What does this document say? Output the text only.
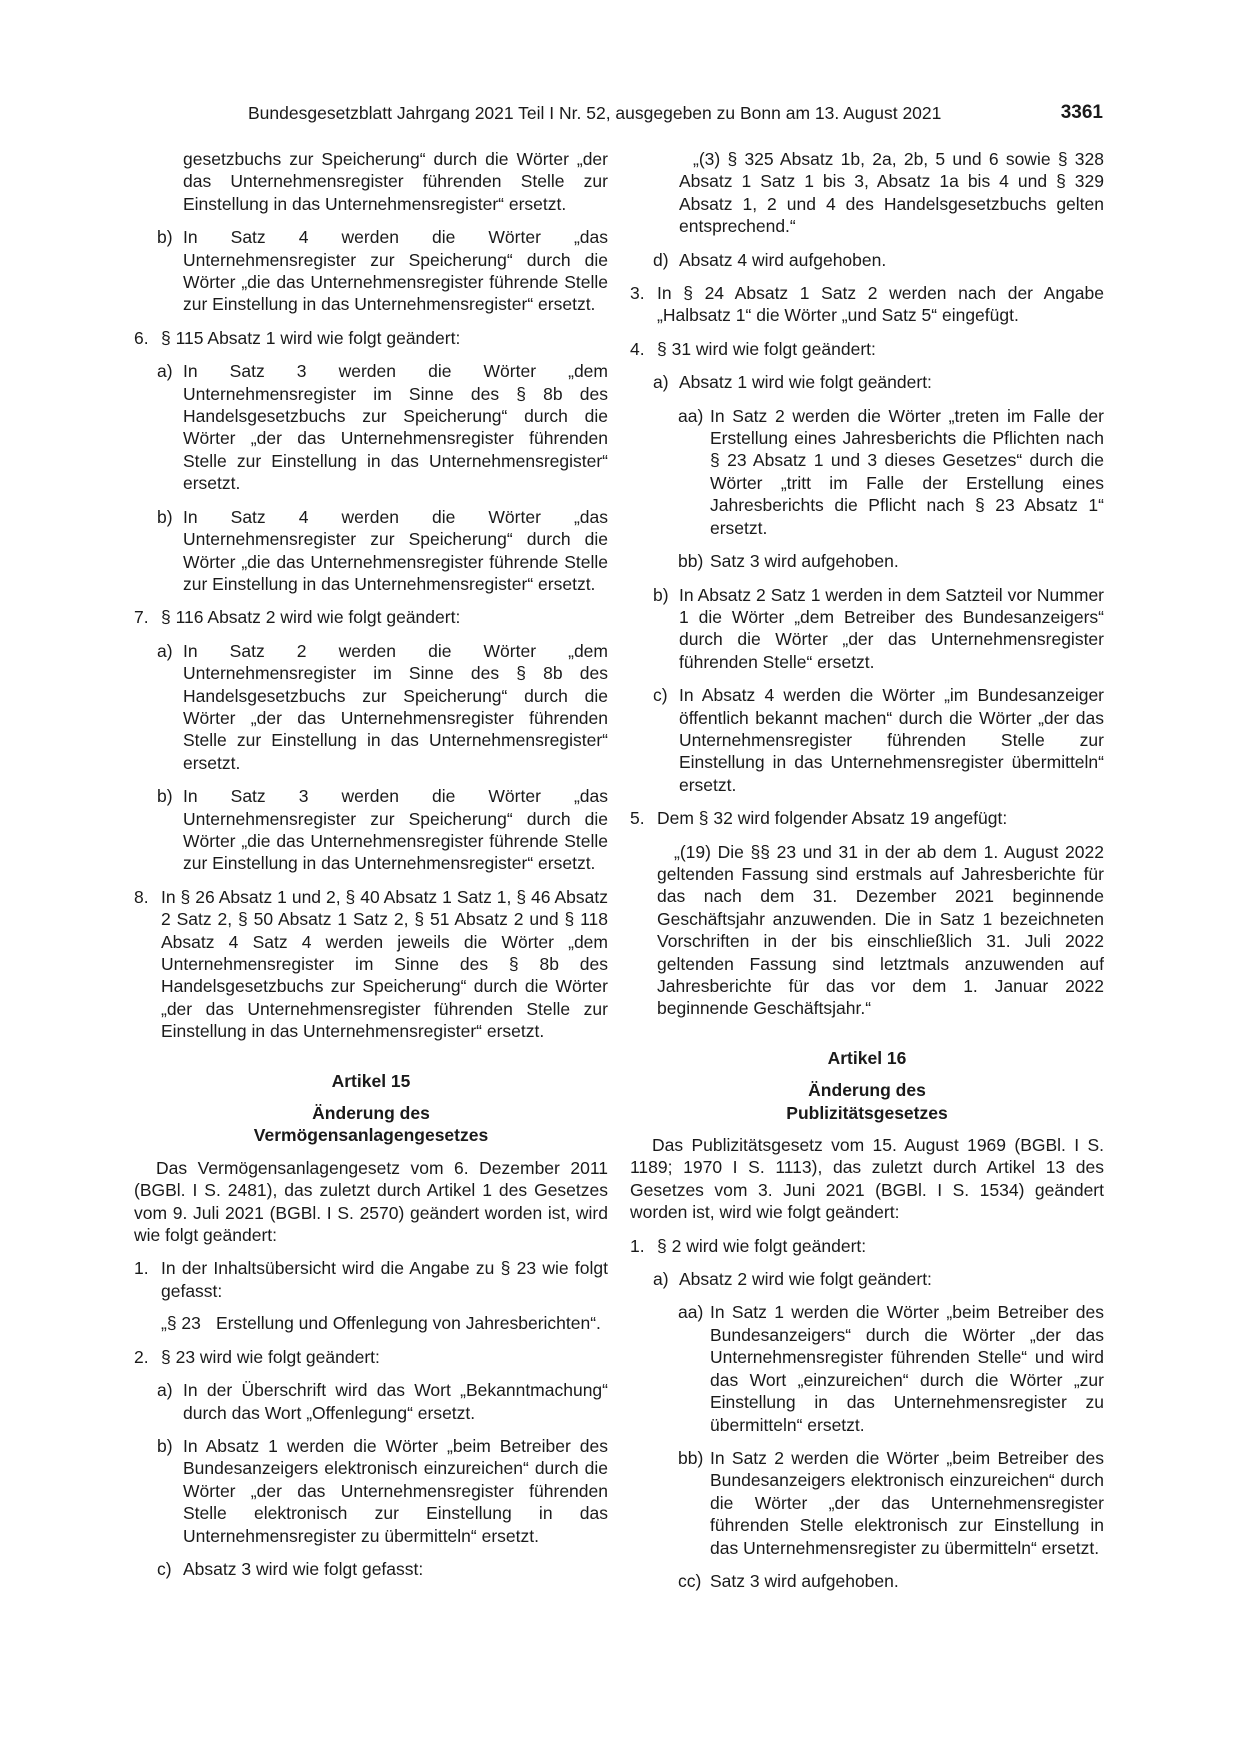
Bundesgesetzblatt Jahrgang 2021 Teil I Nr. 52, ausgegeben zu Bonn am 13. August 2021	3361
gesetzbuchs zur Speicherung“ durch die Wörter „der das Unternehmensregister führenden Stelle zur Einstellung in das Unternehmensregister“ ersetzt.
b) In Satz 4 werden die Wörter „das Unternehmensregister zur Speicherung“ durch die Wörter „die das Unternehmensregister führende Stelle zur Einstellung in das Unternehmensregister“ ersetzt.
6. § 115 Absatz 1 wird wie folgt geändert:
a) In Satz 3 werden die Wörter „dem Unternehmensregister im Sinne des § 8b des Handelsgesetzbuchs zur Speicherung“ durch die Wörter „der das Unternehmensregister führenden Stelle zur Einstellung in das Unternehmensregister“ ersetzt.
b) In Satz 4 werden die Wörter „das Unternehmensregister zur Speicherung“ durch die Wörter „die das Unternehmensregister führende Stelle zur Einstellung in das Unternehmensregister“ ersetzt.
7. § 116 Absatz 2 wird wie folgt geändert:
a) In Satz 2 werden die Wörter „dem Unternehmensregister im Sinne des § 8b des Handelsgesetzbuchs zur Speicherung“ durch die Wörter „der das Unternehmensregister führenden Stelle zur Einstellung in das Unternehmensregister“ ersetzt.
b) In Satz 3 werden die Wörter „das Unternehmensregister zur Speicherung“ durch die Wörter „die das Unternehmensregister führende Stelle zur Einstellung in das Unternehmensregister“ ersetzt.
8. In § 26 Absatz 1 und 2, § 40 Absatz 1 Satz 1, § 46 Absatz 2 Satz 2, § 50 Absatz 1 Satz 2, § 51 Absatz 2 und § 118 Absatz 4 Satz 4 werden jeweils die Wörter „dem Unternehmensregister im Sinne des § 8b des Handelsgesetzbuchs zur Speicherung“ durch die Wörter „der das Unternehmensregister führenden Stelle zur Einstellung in das Unternehmensregister“ ersetzt.
Artikel 15
Änderung des
Vermögensanlagengesetzes
Das Vermögensanlagengesetz vom 6. Dezember 2011 (BGBl. I S. 2481), das zuletzt durch Artikel 1 des Gesetzes vom 9. Juli 2021 (BGBl. I S. 2570) geändert worden ist, wird wie folgt geändert:
1. In der Inhaltsübersicht wird die Angabe zu § 23 wie folgt gefasst:
„§ 23 Erstellung und Offenlegung von Jahresberichten“.
2. § 23 wird wie folgt geändert:
a) In der Überschrift wird das Wort „Bekanntmachung“ durch das Wort „Offenlegung“ ersetzt.
b) In Absatz 1 werden die Wörter „beim Betreiber des Bundesanzeigers elektronisch einzureichen“ durch die Wörter „der das Unternehmensregister führenden Stelle elektronisch zur Einstellung in das Unternehmensregister zu übermitteln“ ersetzt.
c) Absatz 3 wird wie folgt gefasst:
„(3) § 325 Absatz 1b, 2a, 2b, 5 und 6 sowie § 328 Absatz 1 Satz 1 bis 3, Absatz 1a bis 4 und § 329 Absatz 1, 2 und 4 des Handelsgesetzbuchs gelten entsprechend.“
d) Absatz 4 wird aufgehoben.
3. In § 24 Absatz 1 Satz 2 werden nach der Angabe „Halbsatz 1“ die Wörter „und Satz 5“ eingefügt.
4. § 31 wird wie folgt geändert:
a) Absatz 1 wird wie folgt geändert:
aa) In Satz 2 werden die Wörter „treten im Falle der Erstellung eines Jahresberichts die Pflichten nach § 23 Absatz 1 und 3 dieses Gesetzes“ durch die Wörter „tritt im Falle der Erstellung eines Jahresberichts die Pflicht nach § 23 Absatz 1“ ersetzt.
bb) Satz 3 wird aufgehoben.
b) In Absatz 2 Satz 1 werden in dem Satzteil vor Nummer 1 die Wörter „dem Betreiber des Bundesanzeigers“ durch die Wörter „der das Unternehmensregister führenden Stelle“ ersetzt.
c) In Absatz 4 werden die Wörter „im Bundesanzeiger öffentlich bekannt machen“ durch die Wörter „der das Unternehmensregister führenden Stelle zur Einstellung in das Unternehmensregister übermitteln“ ersetzt.
5. Dem § 32 wird folgender Absatz 19 angefügt:
„(19) Die §§ 23 und 31 in der ab dem 1. August 2022 geltenden Fassung sind erstmals auf Jahresberichte für das nach dem 31. Dezember 2021 beginnende Geschäftsjahr anzuwenden. Die in Satz 1 bezeichneten Vorschriften in der bis einschließlich 31. Juli 2022 geltenden Fassung sind letztmals anzuwenden auf Jahresberichte für das vor dem 1. Januar 2022 beginnende Geschäftsjahr.“
Artikel 16
Änderung des
Publizitätsgesetzes
Das Publizitätsgesetz vom 15. August 1969 (BGBl. I S. 1189; 1970 I S. 1113), das zuletzt durch Artikel 13 des Gesetzes vom 3. Juni 2021 (BGBl. I S. 1534) geändert worden ist, wird wie folgt geändert:
1. § 2 wird wie folgt geändert:
a) Absatz 2 wird wie folgt geändert:
aa) In Satz 1 werden die Wörter „beim Betreiber des Bundesanzeigers“ durch die Wörter „der das Unternehmensregister führenden Stelle“ und wird das Wort „einzureichen“ durch die Wörter „zur Einstellung in das Unternehmensregister zu übermitteln“ ersetzt.
bb) In Satz 2 werden die Wörter „beim Betreiber des Bundesanzeigers elektronisch einzureichen“ durch die Wörter „der das Unternehmensregister führenden Stelle elektronisch zur Einstellung in das Unternehmensregister zu übermitteln“ ersetzt.
cc) Satz 3 wird aufgehoben.
